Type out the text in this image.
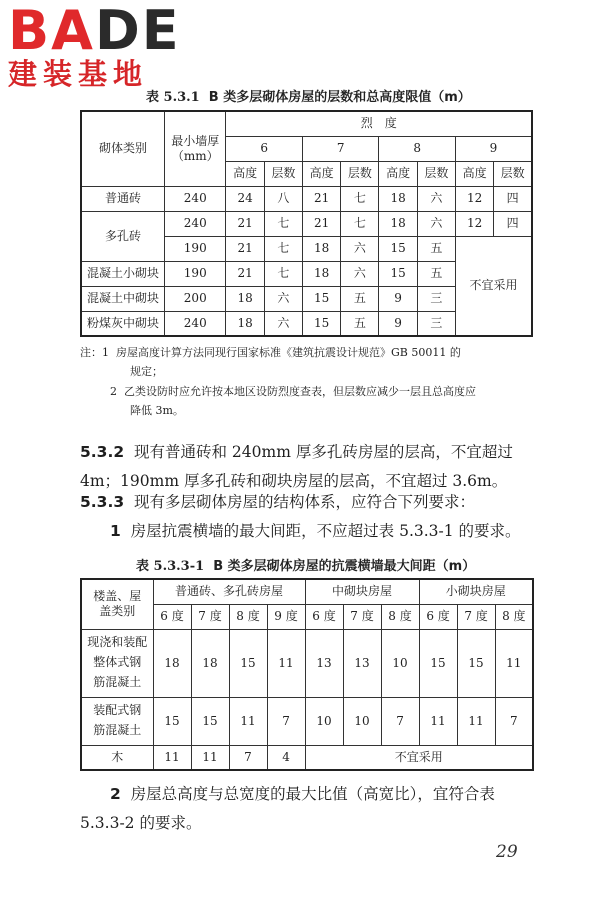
BADE
建装基地
表 5.3.1 B 类多层砌体房屋的层数和总高度限值（m）
砌体类别	最小墙厚（mm）	烈　度							
		6		7		8		9	
		高度	层数	高度	层数	高度	层数	高度	层数
普通砖	240	24	八	21	七	18	六	12	四
多孔砖	240	21	七	21	七	18	六	12	四
	190	21	七	18	六	15	五	不宜采用	
混凝土小砌块	190	21	七	18	六	15	五		
混凝土中砌块	200	18	六	15	五	9	三		
粉煤灰中砌块	240	18	六	15	五	9	三		
注：1 房屋高度计算方法同现行国家标准《建筑抗震设计规范》GB 50011 的
规定；
2 乙类设防时应允许按本地区设防烈度查表，但层数应减少一层且总高度应
降低 3m。
5.3.2 现有普通砖和 240mm 厚多孔砖房屋的层高，不宜超过
4m；190mm 厚多孔砖和砌块房屋的层高，不宜超过 3.6m。
5.3.3 现有多层砌体房屋的结构体系，应符合下列要求：
1 房屋抗震横墙的最大间距，不应超过表 5.3.3-1 的要求。
表 5.3.3-1 B 类多层砌体房屋的抗震横墙最大间距（m）
楼盖、屋
盖类别	普通砖、多孔砖房屋				中砌块房屋			小砌块房屋		
	6 度	7 度	8 度	9 度	6 度	7 度	8 度	6 度	7 度	8 度

现浇和装配
整体式钢
筋混凝土	18	18	15	11	13	13	10	15	15	11

装配式钢
筋混凝土	15	15	11	7	10	10	7	11	11	7
木	11	11	7	4	不宜采用					
2 房屋总高度与总宽度的最大比值（高宽比），宜符合表
5.3.3-2 的要求。
29
